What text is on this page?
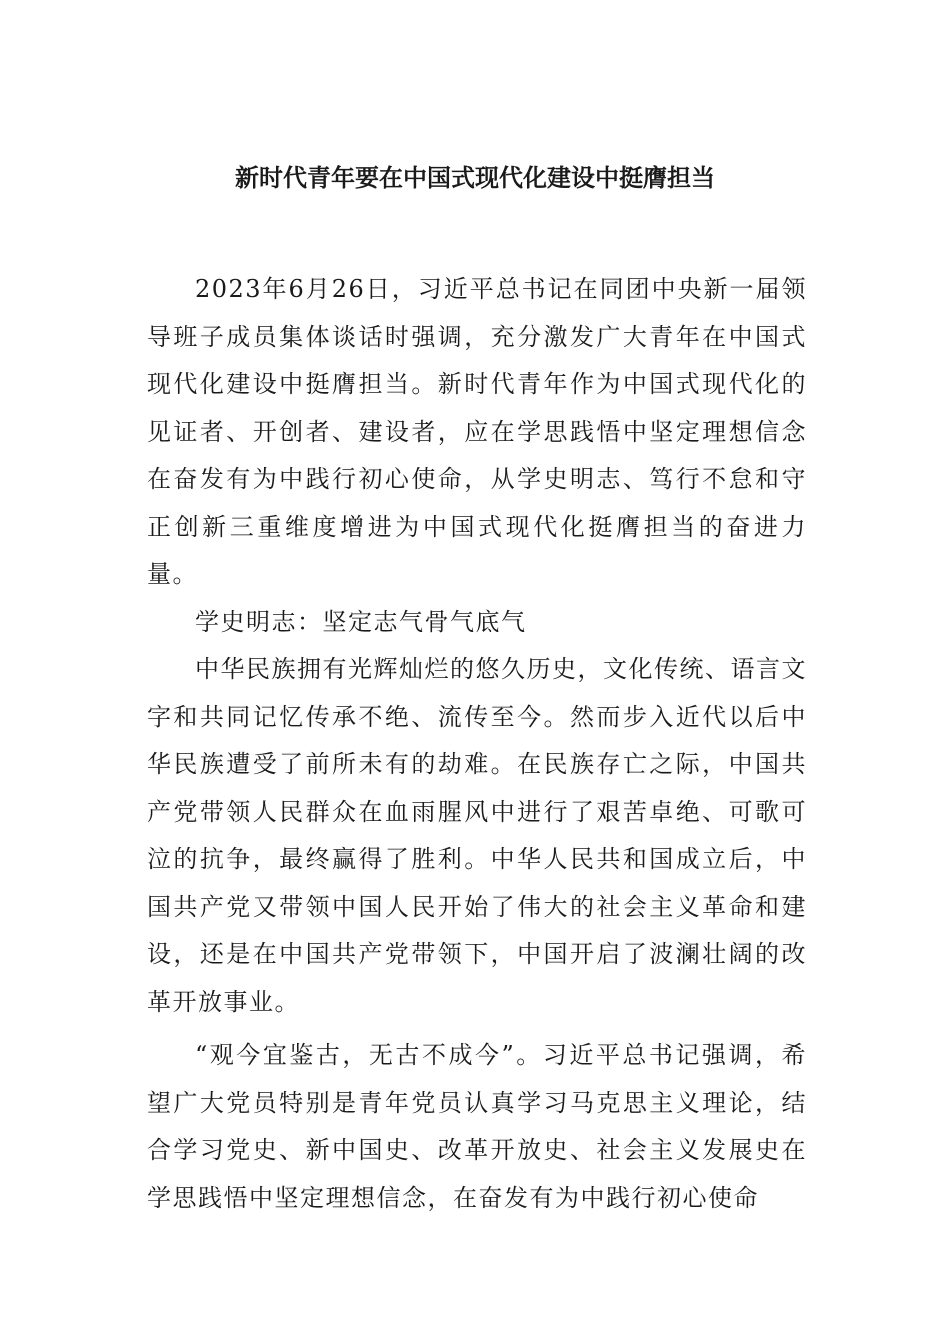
新时代青年要在中国式现代化建设中挺膺担当

2023年6月26日，习近平总书记在同团中央新一届领导班子成员集体谈话时强调，充分激发广大青年在中国式现代化建设中挺膺担当。新时代青年作为中国式现代化的见证者、开创者、建设者，应在学思践悟中坚定理想信念在奋发有为中践行初心使命，从学史明志、笃行不怠和守正创新三重维度增进为中国式现代化挺膺担当的奋进力量。

学史明志：坚定志气骨气底气

中华民族拥有光辉灿烂的悠久历史，文化传统、语言文字和共同记忆传承不绝、流传至今。然而步入近代以后中华民族遭受了前所未有的劫难。在民族存亡之际，中国共产党带领人民群众在血雨腥风中进行了艰苦卓绝、可歌可泣的抗争，最终赢得了胜利。中华人民共和国成立后，中国共产党又带领中国人民开始了伟大的社会主义革命和建设，还是在中国共产党带领下，中国开启了波澜壮阔的改革开放事业。

“观今宜鉴古，无古不成今”。习近平总书记强调，希望广大党员特别是青年党员认真学习马克思主义理论，结合学习党史、新中国史、改革开放史、社会主义发展史在学思践悟中坚定理想信念，在奋发有为中践行初心使命
